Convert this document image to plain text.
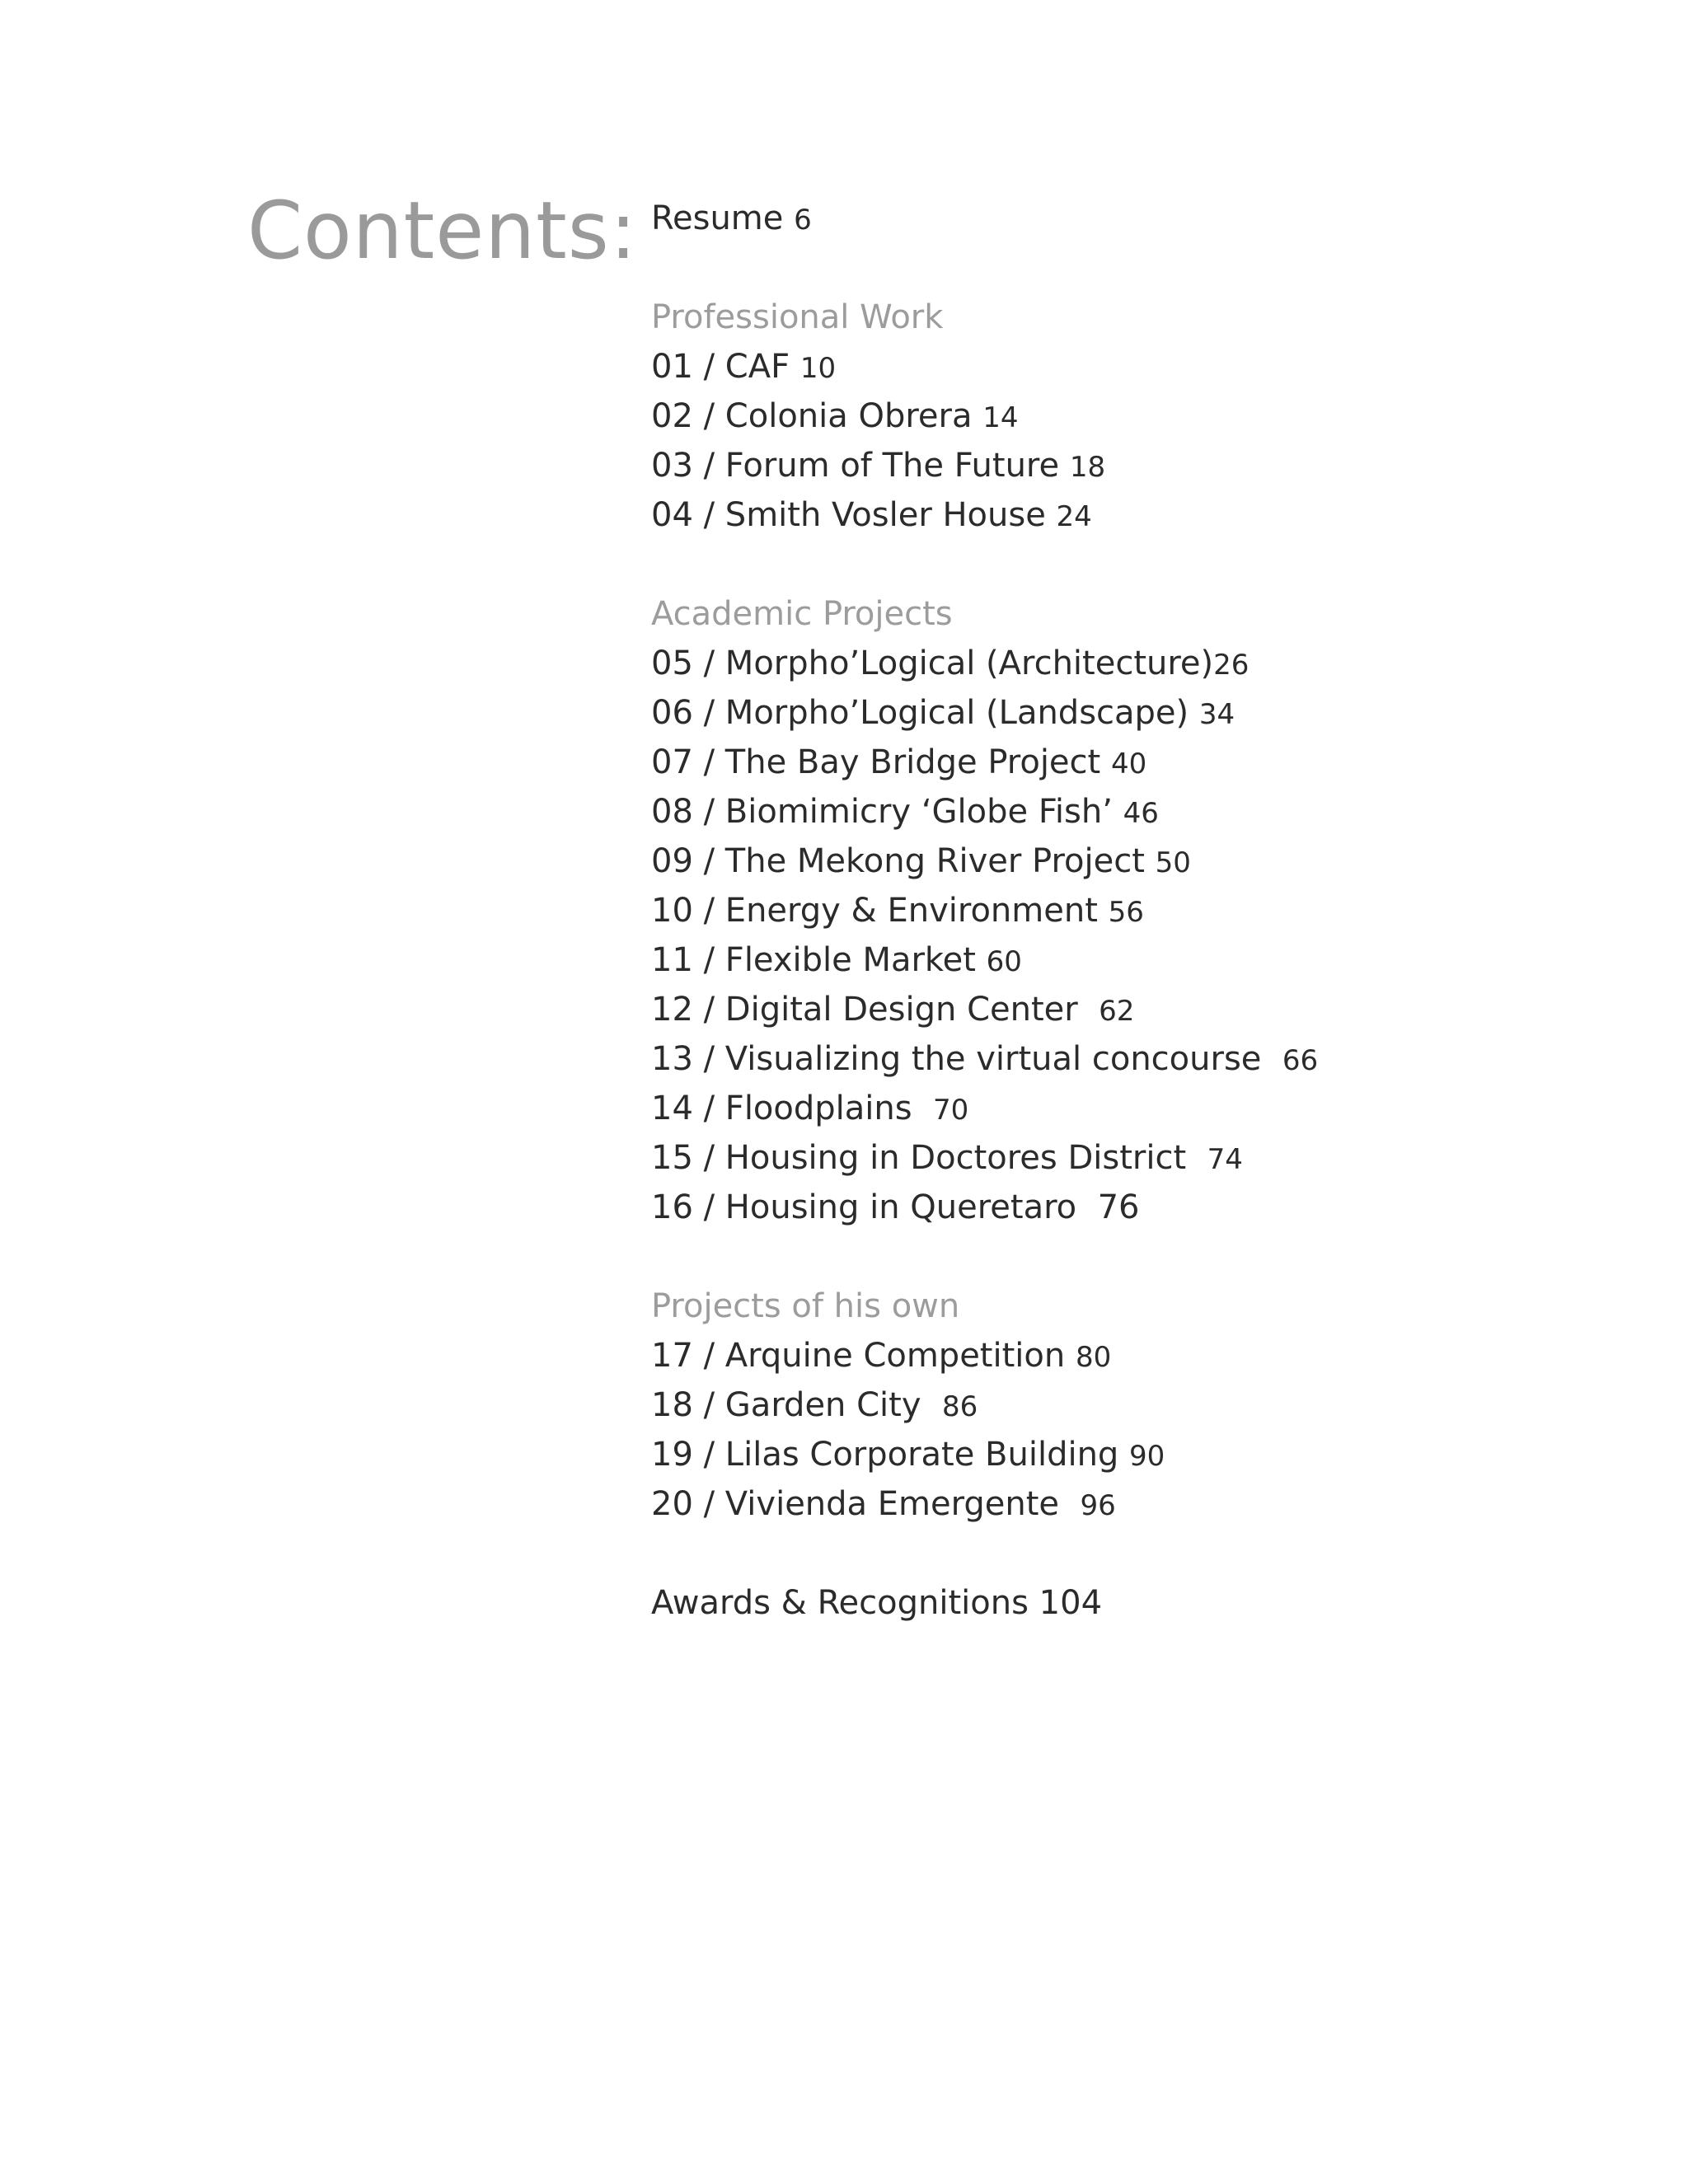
Contents: Resume 6
Professional Work
01 / CAF 10
02 / Colonia Obrera 14
03 / Forum of The Future 18
04 / Smith Vosler House 24
Academic Projects
05 / Morpho’Logical (Architecture)26
06 / Morpho’Logical (Landscape) 34
07 / The Bay Bridge Project 40
08 / Biomimicry ‘Globe Fish’ 46
09 / The Mekong River Project 50
10 / Energy & Environment 56
11 / Flexible Market 60
12 / Digital Design Center 62
13 / Visualizing the virtual concourse 66
14 / Floodplains 70
15 / Housing in Doctores District 74
16 / Housing in Queretaro 76
Projects of his own
17 / Arquine Competition 80
18 / Garden City 86
19 / Lilas Corporate Building 90
20 / Vivienda Emergente 96
Awards & Recognitions 104
